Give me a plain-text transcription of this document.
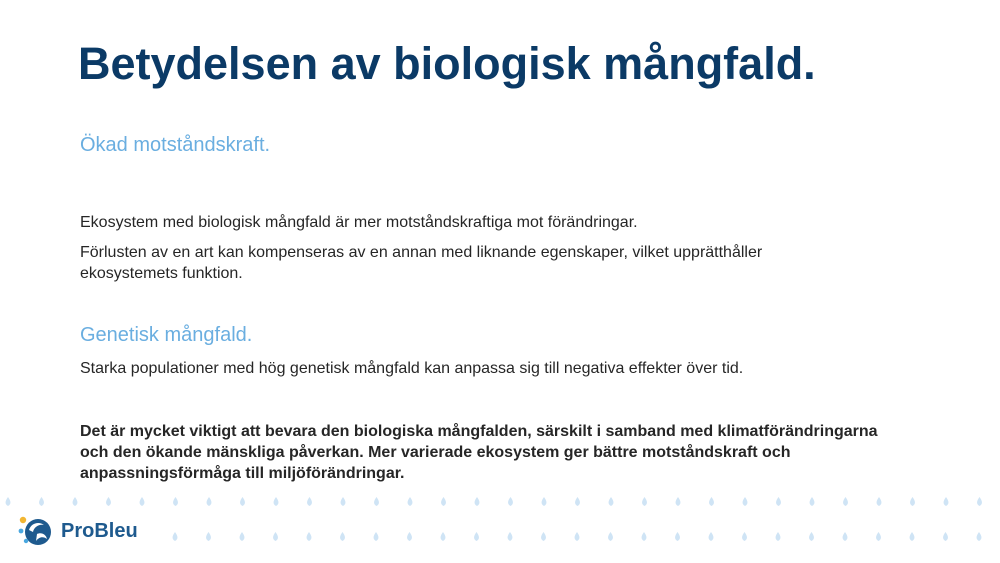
Betydelsen av biologisk mångfald.
Ökad motståndskraft.

Ekosystem med biologisk mångfald är mer motståndskraftiga mot förändringar.

Förlusten av en art kan kompenseras av en annan med liknande egenskaper, vilket upprätthåller ekosystemets funktion.

Genetisk mångfald.

Starka populationer med hög genetisk mångfald kan anpassa sig till negativa effekter över tid.

Det är mycket viktigt att bevara den biologiska mångfalden, särskilt i samband med klimatförändringarna och den ökande mänskliga påverkan. Mer varierade ekosystem ger bättre motståndskraft och anpassningsförmåga till miljöförändringar.

ProBleu
